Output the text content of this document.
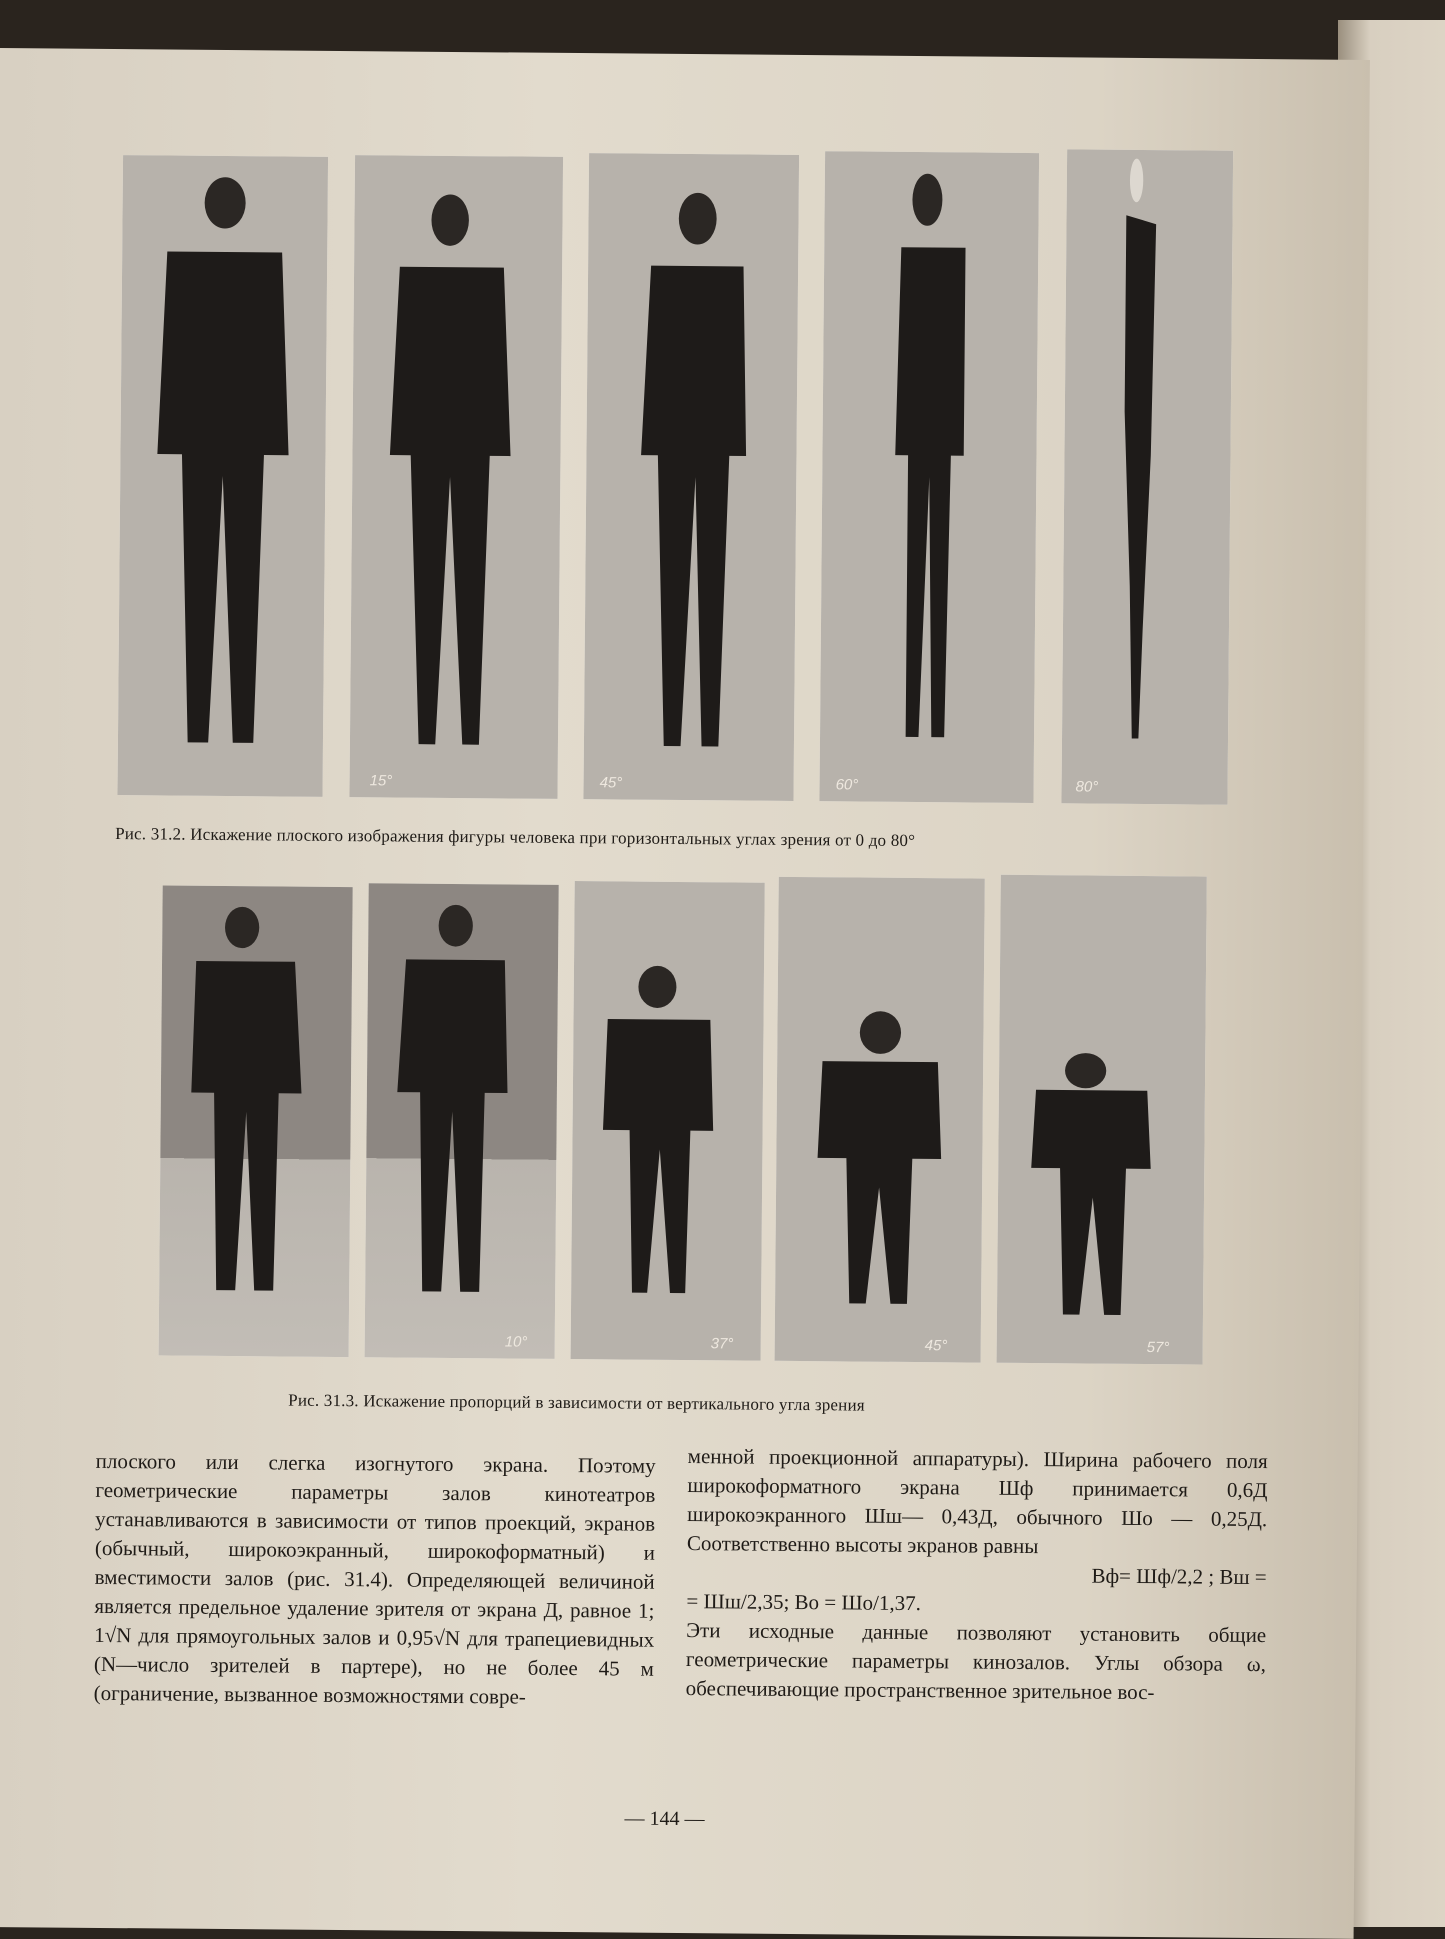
15°	45°	60°	80°
Рис. 31.2. Искажение плоского изображения фигуры человека при горизонтальных углах зрения от 0 до 80°
10°	37°	45°	57°
Рис. 31.3. Искажение пропорций в зависимости от вертикального угла зрения

плоского или слегка изогнутого экрана. Поэтому геометрические параметры залов кинотеатров устанавливаются в зависимости от типов проекций, экранов (обычный, широкоэкранный, широкоформатный) и вместимости залов (рис. 31.4). Определяющей величиной является предельное удаление зрителя от экрана Д, равное 1; 1√N для прямоугольных залов и 0,95√N для трапециевидных (N—число зрителей в партере), но не более 45 м (ограничение, вызванное возможностями совре-

менной проекционной аппаратуры). Ширина рабочего поля широкоформатного экрана Шф принимается 0,6Д широкоэкранного Шш— 0,43Д, обычного Шо — 0,25Д. Соответственно высоты экранов равны

Вф= Шф/2,2 ; Вш =

= Шш/2,35; Во = Шо/1,37.

Эти исходные данные позволяют установить общие геометрические параметры кинозалов. Углы обзора ω, обеспечивающие пространственное зрительное вос-

— 144 —
